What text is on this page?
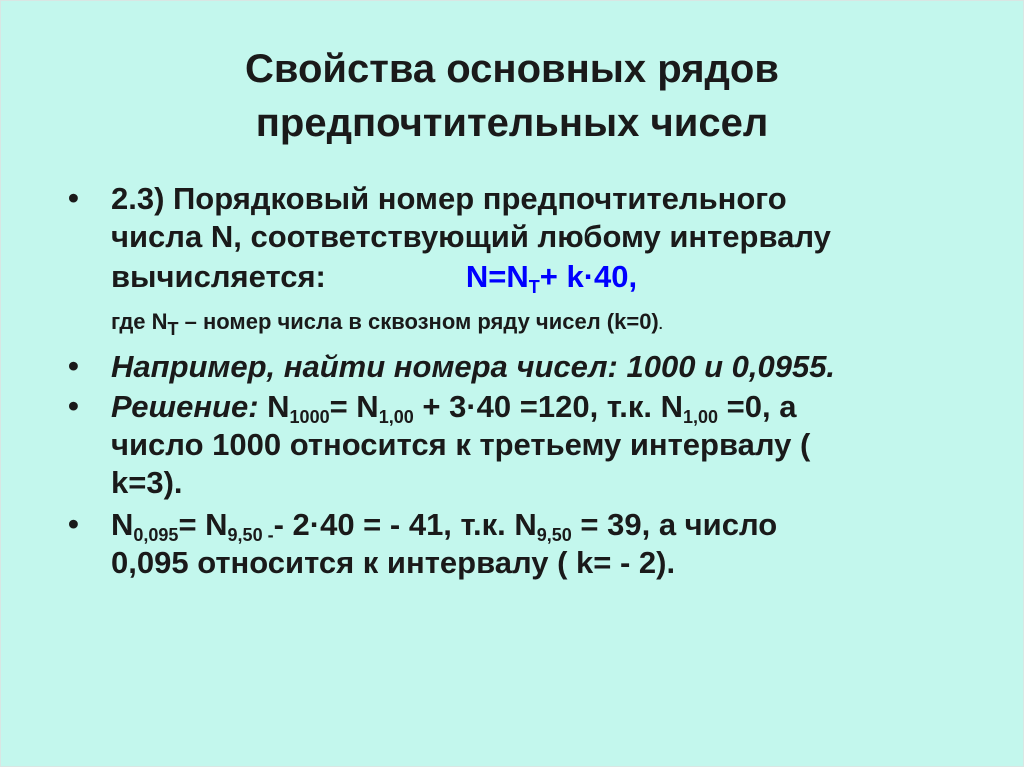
Свойства основных рядов
предпочтительных чисел
• 2.3) Порядковый номер предпочтительного
числа N, соответствующий любому интервалу
вычисляется:	$N=N_T+ k\cdot 40$,
где $N_T$ – номер числа в сквозном ряду чисел (k=0).
• Например, найти номера чисел: 1000 и 0,0955.
• Решение: $N_{1000}= N_{1,00} + 3\cdot 40 =120$, т.к. $N_{1,00} =0$, а
число 1000 относится к третьему интервалу (
k=3).
• $N_{0,095}= N_{9,50 -}-$ 2·40 = - 41, т.к. $N_{9,50} = 39$, а число
0,095 относится к интервалу ( k= - 2).
